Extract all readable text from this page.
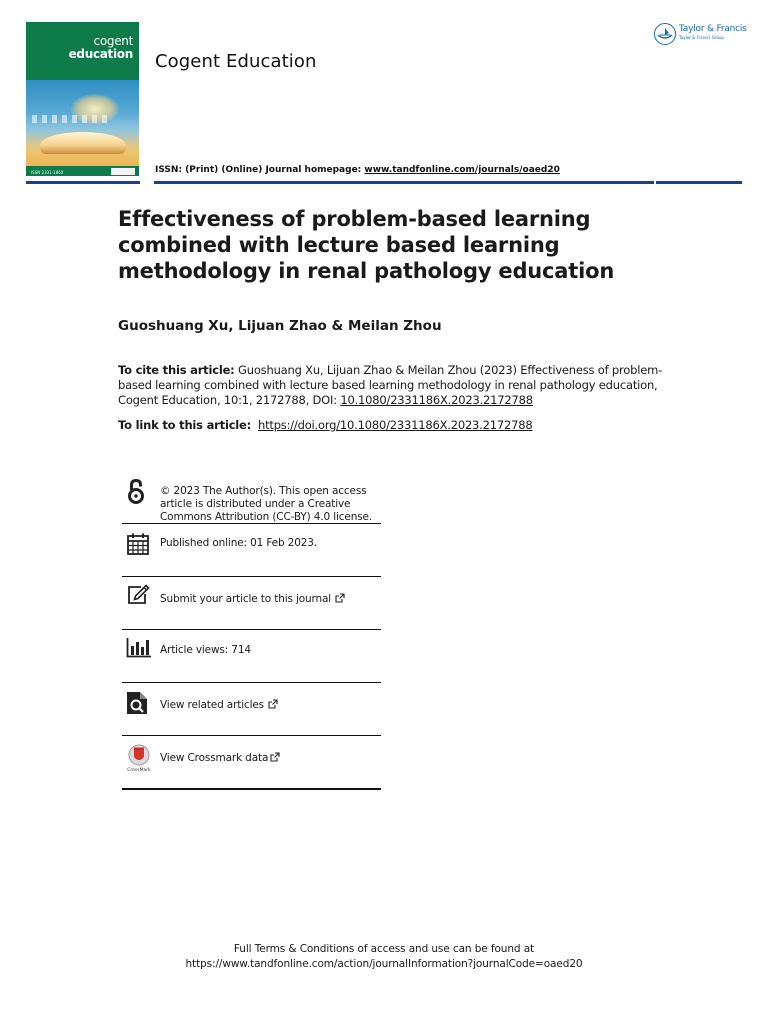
cogent
education
ISSN 2331-186X
Cogent Education
ISSN: (Print) (Online) Journal homepage: www.tandfonline.com/journals/oaed20
Taylor & Francis
Taylor & Francis Group
Effectiveness of problem-based learning combined with lecture based learning methodology in renal pathology education
Guoshuang Xu, Lijuan Zhao & Meilan Zhou
To cite this article: Guoshuang Xu, Lijuan Zhao & Meilan Zhou (2023) Effectiveness of problem-based learning combined with lecture based learning methodology in renal pathology education, Cogent Education, 10:1, 2172788, DOI: 10.1080/2331186X.2023.2172788
To link to this article: https://doi.org/10.1080/2331186X.2023.2172788
© 2023 The Author(s). This open access article is distributed under a Creative Commons Attribution (CC-BY) 4.0 license.
Published online: 01 Feb 2023.
Submit your article to this journal
Article views: 714
View related articles
CrossMark
View Crossmark data
Full Terms & Conditions of access and use can be found at
https://www.tandfonline.com/action/journalInformation?journalCode=oaed20
